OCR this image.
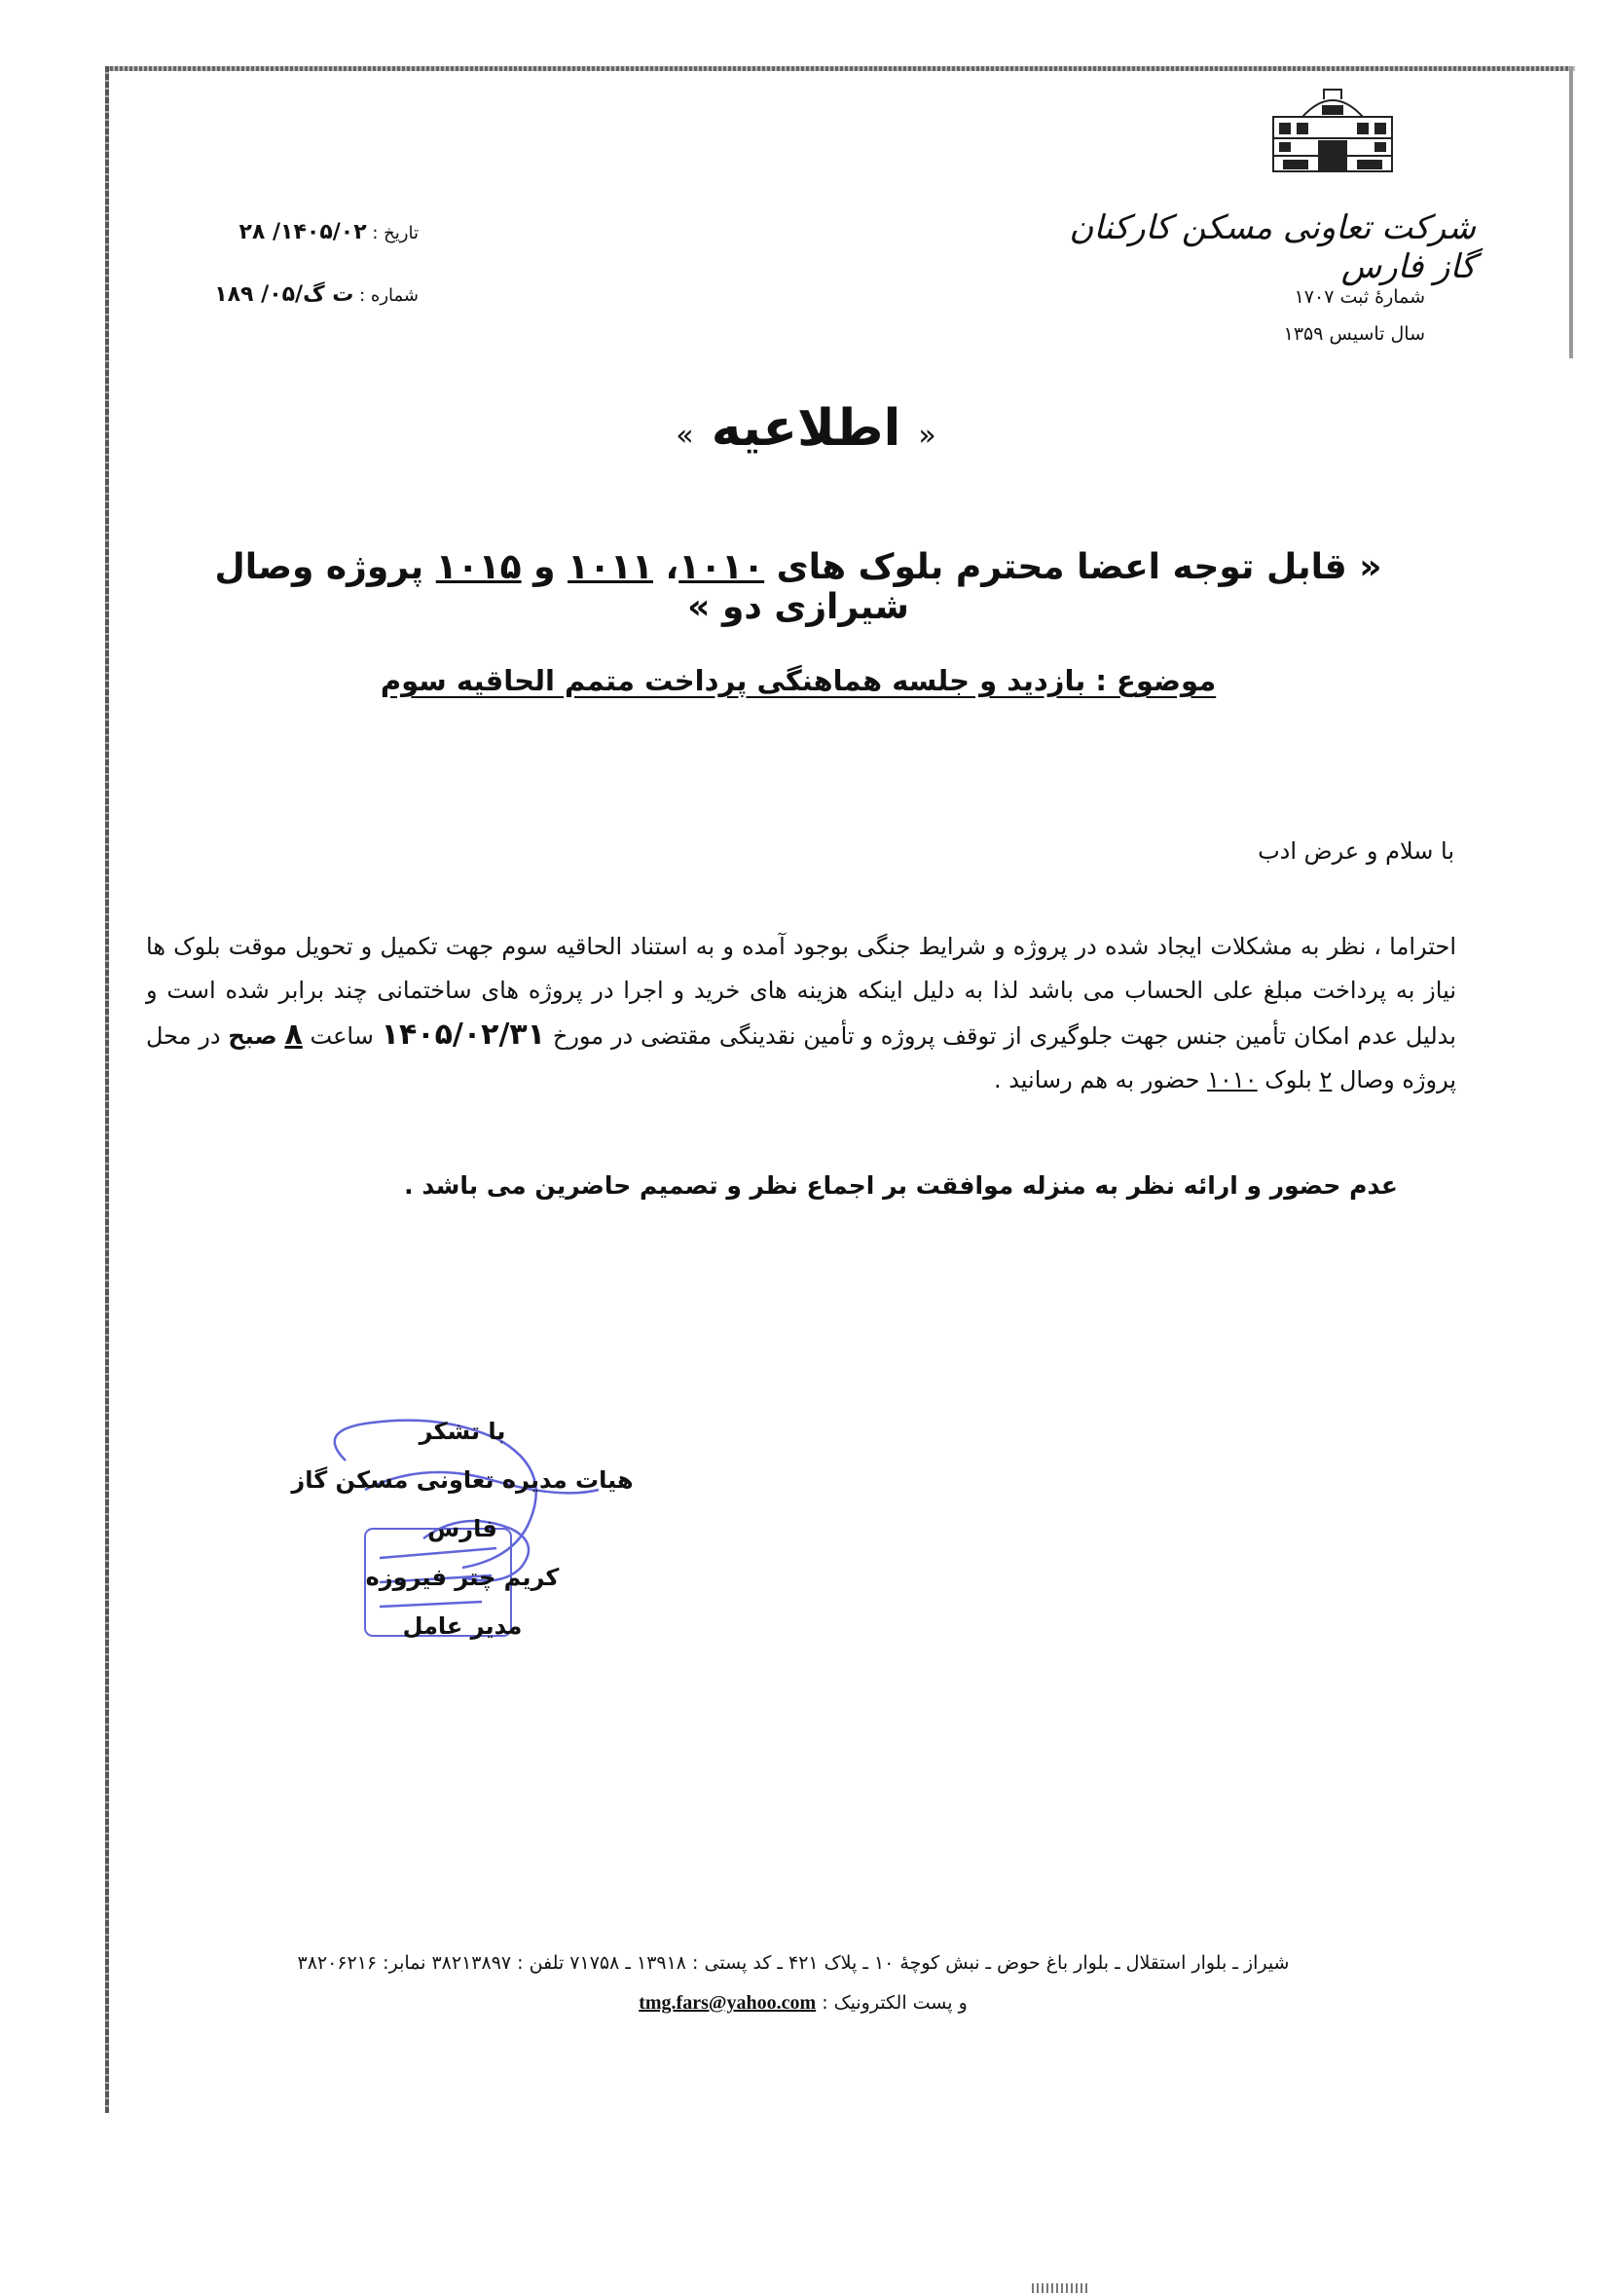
شرکت تعاونی مسکن کارکنان گاز فارس
شمارهٔ ثبت ۱۷۰۷
سال تاسیس ۱۳۵۹
تاریخ : ۱۴۰۵/۰۲/ ۲۸
شماره : ت گ/۰۵/ ۱۸۹
« اطلاعیه »
« قابل توجه اعضا محترم بلوک های ۱۰۱۰، ۱۰۱۱ و ۱۰۱۵ پروژه وصال شیرازی دو »
موضوع : بازدید و جلسه هماهنگی پرداخت متمم الحاقیه سوم
با سلام و عرض ادب
احتراما ، نظر به مشکلات ایجاد شده در پروژه و شرایط جنگی بوجود آمده و به استناد الحاقیه سوم جهت تکمیل و تحویل موقت بلوک ها نیاز به پرداخت مبلغ علی الحساب می باشد لذا به دلیل اینکه هزینه های خرید و اجرا در پروژه های ساختمانی چند برابر شده است و بدلیل عدم امکان تأمین جنس جهت جلوگیری از توقف پروژه و تأمین نقدینگی مقتضی در مورخ ۱۴۰۵/۰۲/۳۱ ساعت ۸ صبح در محل پروژه وصال ۲ بلوک ۱۰۱۰ حضور به هم رسانید .
عدم حضور و ارائه نظر به منزله موافقت بر اجماع نظر و تصمیم حاضرین می باشد .
با تشکر
هیات مدیره تعاونی مسکن گاز فارس
کریم چتر فیروزه
مدیر عامل
شیراز ـ بلوار استقلال ـ بلوار باغ حوض ـ نبش کوچهٔ ۱۰ ـ پلاک ۴۲۱ ـ کد پستی : ۱۳۹۱۸ ـ ۷۱۷۵۸ تلفن : ۳۸۲۱۳۸۹۷ نمابر: ۳۸۲۰۶۲۱۶
و پست الکترونیک : tmg.fars@yahoo.com
